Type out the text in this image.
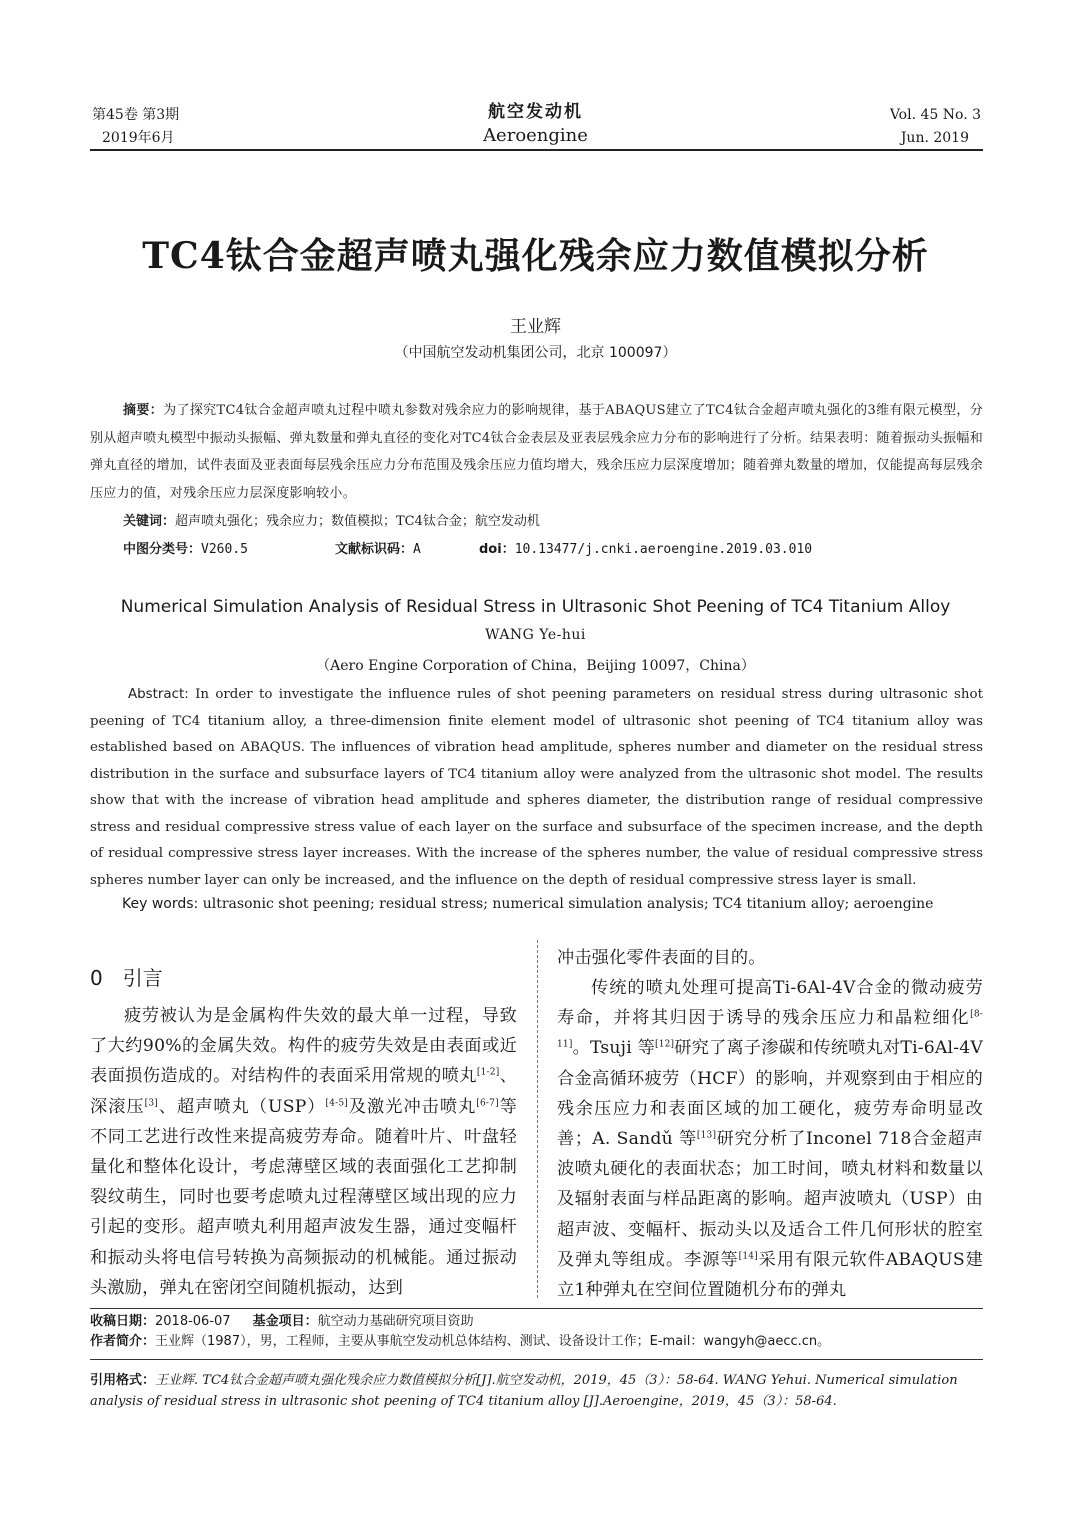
第45卷 第3期
2019年6月
航空发动机
Aeroengine
Vol. 45 No. 3
Jun. 2019
TC4钛合金超声喷丸强化残余应力数值模拟分析
王业辉
（中国航空发动机集团公司，北京 100097）
摘要：为了探究TC4钛合金超声喷丸过程中喷丸参数对残余应力的影响规律，基于ABAQUS建立了TC4钛合金超声喷丸强化的3维有限元模型，分别从超声喷丸模型中振动头振幅、弹丸数量和弹丸直径的变化对TC4钛合金表层及亚表层残余应力分布的影响进行了分析。结果表明：随着振动头振幅和弹丸直径的增加，试件表面及亚表面每层残余压应力分布范围及残余压应力值均增大，残余压应力层深度增加；随着弹丸数量的增加，仅能提高每层残余压应力的值，对残余压应力层深度影响较小。
关键词：超声喷丸强化；残余应力；数值模拟；TC4钛合金；航空发动机
中图分类号：V260.5	文献标识码：A	doi：10.13477/j.cnki.aeroengine.2019.03.010
Numerical Simulation Analysis of Residual Stress in Ultrasonic Shot Peening of TC4 Titanium Alloy
WANG Ye-hui
（Aero Engine Corporation of China，Beijing 10097，China）
Abstract: In order to investigate the influence rules of shot peening parameters on residual stress during ultrasonic shot peening of TC4 titanium alloy, a three-dimension finite element model of ultrasonic shot peening of TC4 titanium alloy was established based on ABAQUS. The influences of vibration head amplitude, spheres number and diameter on the residual stress distribution in the surface and subsurface layers of TC4 titanium alloy were analyzed from the ultrasonic shot model. The results show that with the increase of vibration head amplitude and spheres diameter, the distribution range of residual compressive stress and residual compressive stress value of each layer on the surface and subsurface of the specimen increase, and the depth of residual compressive stress layer increases. With the increase of the spheres number, the value of residual compressive stress spheres number layer can only be increased, and the influence on the depth of residual compressive stress layer is small.
Key words: ultrasonic shot peening; residual stress; numerical simulation analysis; TC4 titanium alloy; aeroengine
0 引言
疲劳被认为是金属构件失效的最大单一过程，导致了大约90%的金属失效。构件的疲劳失效是由表面或近表面损伤造成的。对结构件的表面采用常规的喷丸[1-2]、深滚压[3]、超声喷丸（USP）[4-5]及激光冲击喷丸[6-7]等不同工艺进行改性来提高疲劳寿命。随着叶片、叶盘轻量化和整体化设计，考虑薄壁区域的表面强化工艺抑制裂纹萌生，同时也要考虑喷丸过程薄壁区域出现的应力引起的变形。超声喷丸利用超声波发生器，通过变幅杆和振动头将电信号转换为高频振动的机械能。通过振动头激励，弹丸在密闭空间随机振动，达到
冲击强化零件表面的目的。
传统的喷丸处理可提高Ti-6Al-4V合金的微动疲劳寿命，并将其归因于诱导的残余压应力和晶粒细化[8-11]。Tsuji 等[12]研究了离子渗碳和传统喷丸对Ti-6Al-4V合金高循环疲劳（HCF）的影响，并观察到由于相应的残余压应力和表面区域的加工硬化，疲劳寿命明显改善；A. Sandǔ 等[13]研究分析了Inconel 718合金超声波喷丸硬化的表面状态；加工时间，喷丸材料和数量以及辐射表面与样品距离的影响。超声波喷丸（USP）由超声波、变幅杆、振动头以及适合工件几何形状的腔室及弹丸等组成。李源等[14]采用有限元软件ABAQUS建立1种弹丸在空间位置随机分布的弹丸
收稿日期：2018-06-07 基金项目：航空动力基础研究项目资助
作者简介：王业辉（1987），男，工程师，主要从事航空发动机总体结构、测试、设备设计工作；E-mail：wangyh@aecc.cn。
引用格式：王业辉. TC4钛合金超声喷丸强化残余应力数值模拟分析[J].航空发动机，2019，45（3）：58-64. WANG Yehui. Numerical simulation analysis of residual stress in ultrasonic shot peening of TC4 titanium alloy [J].Aeroengine，2019，45（3）：58-64.
